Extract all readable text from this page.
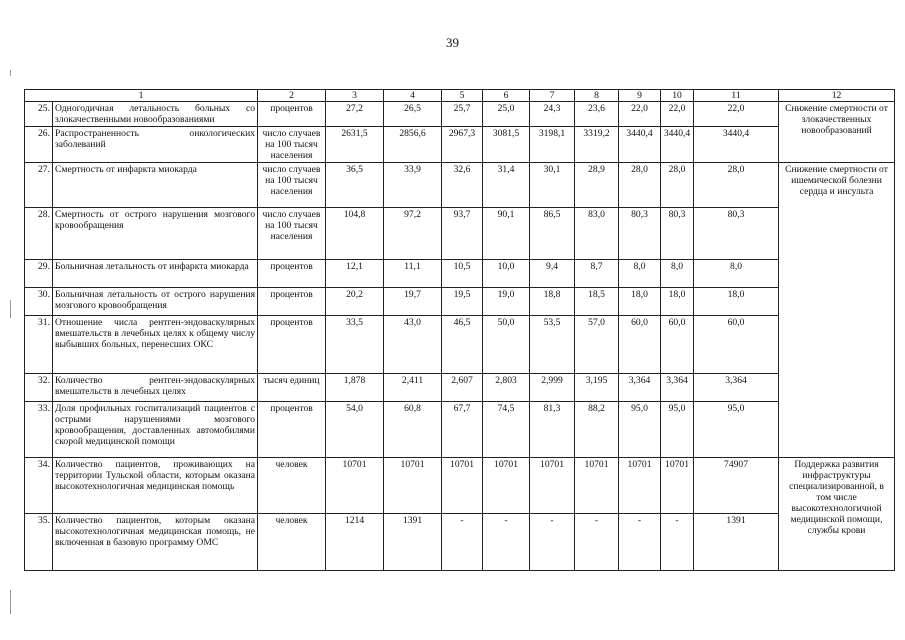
39
1		2	3	4	5	6	7	8	9	10	11	12
25.	Одногодичная летальность больных со злокачественными новообразованиями	процентов	27,2	26,5	25,7	25,0	24,3	23,6	22,0	22,0	22,0	Снижение смертности от злокачественных новообразований
26.	Распространенность онкологических заболеваний	число случаев на 100 тысяч населения	2631,5	2856,6	2967,3	3081,5	3198,1	3319,2	3440,4	3440,4	3440,4	
27.	Смертность от инфаркта миокарда	число случаев на 100 тысяч населения	36,5	33,9	32,6	31,4	30,1	28,9	28,0	28,0	28,0	Снижение смертности от ишемической болезни сердца и инсульта
28.	Смертность от острого нарушения мозгового кровообращения	число случаев на 100 тысяч населения	104,8	97,2	93,7	90,1	86,5	83,0	80,3	80,3	80,3	
29.	Больничная летальность от инфаркта миокарда	процентов	12,1	11,1	10,5	10,0	9,4	8,7	8,0	8,0	8,0	
30.	Больничная летальность от острого нарушения мозгового кровообращения	процентов	20,2	19,7	19,5	19,0	18,8	18,5	18,0	18,0	18,0	
31.	Отношение числа рентген-эндоваскулярных вмешательств в лечебных целях к общему числу выбывших больных, перенесших ОКС	процентов	33,5	43,0	46,5	50,0	53,5	57,0	60,0	60,0	60,0	
32.	Количество рентген-эндоваскулярных вмешательств в лечебных целях	тысяч единиц	1,878	2,411	2,607	2,803	2,999	3,195	3,364	3,364	3,364	
33.	Доля профильных госпитализаций пациентов с острыми нарушениями мозгового кровообращения, доставленных автомобилями скорой медицинской помощи	процентов	54,0	60,8	67,7	74,5	81,3	88,2	95,0	95,0	95,0	
34.	Количество пациентов, проживающих на территории Тульской области, которым оказана высокотехнологичная медицинская помощь	человек	10701	10701	10701	10701	10701	10701	10701	10701	74907	Поддержка развития инфраструктуры специализированной, в том числе высокотехнологичной медицинской помощи, службы крови
35.	Количество пациентов, которым оказана высокотехнологичная медицинская помощь, не включенная в базовую программу ОМС	человек	1214	1391	-	-	-	-	-	-	1391	
